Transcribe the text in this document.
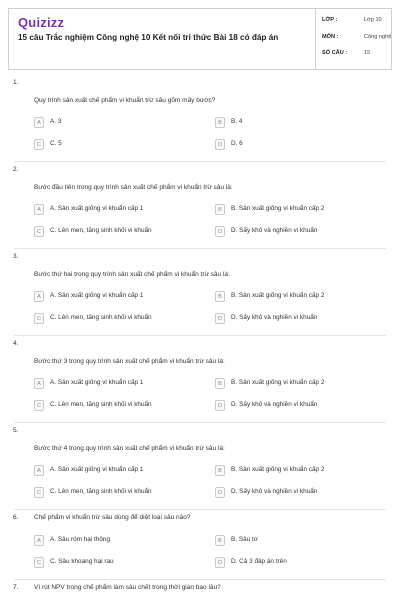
Quizizz
15 câu Trắc nghiệm Công nghệ 10 Kết nối tri thức Bài 18 có đáp án
LỚP :	Lớp 10
MÔN :	Công nghệ
SỐ CÂU :	15
1.
Quy trình sản xuất chế phẩm vi khuẩn trừ sâu gồm mấy bước?
A	A. 3	B	B. 4
C	C. 5	D	D. 6
2.
Bước đầu tiên trong quy trình sản xuất chế phẩm vi khuẩn trừ sâu là:
A	A. Sản xuất giống vi khuẩn cấp 1	B	B. Sản xuất giống vi khuẩn cấp 2
C	C. Lên men, tăng sinh khối vi khuẩn	D	D. Sấy khô và nghiền vi khuẩn
3.
Bước thứ hai trong quy trình sản xuất chế phẩm vi khuẩn trừ sâu là:
A	A. Sản xuất giống vi khuẩn cấp 1	B	B. Sản xuất giống vi khuẩn cấp 2
C	C. Lên men, tăng sinh khối vi khuẩn	D	D. Sấy khô và nghiền vi khuẩn
4.
Bước thứ 3 trong quy trình sản xuất chế phẩm vi khuẩn trừ sâu là:
A	A. Sản xuất giống vi khuẩn cấp 1	B	B. Sản xuất giống vi khuẩn cấp 2
C	C. Lên men, tăng sinh khối vi khuẩn	D	D. Sấy khô và nghiền vi khuẩn
5.
Bước thứ 4 trong quy trình sản xuất chế phẩm vi khuẩn trừ sâu là:
A	A. Sản xuất giống vi khuẩn cấp 1	B	B. Sản xuất giống vi khuẩn cấp 2
C	C. Lên men, tăng sinh khối vi khuẩn	D	D. Sấy khô và nghiền vi khuẩn
6. Chế phẩm vi khuẩn trừ sâu dùng để diệt loại sâu nào?
A	A. Sâu róm hại thông	B	B. Sâu tơ
C	C. Sâu khoang hại rau	D	D. Cả 3 đáp án trên
7. Vì rút NPV trong chế phẩm làm sâu chết trong thời gian bao lâu?
